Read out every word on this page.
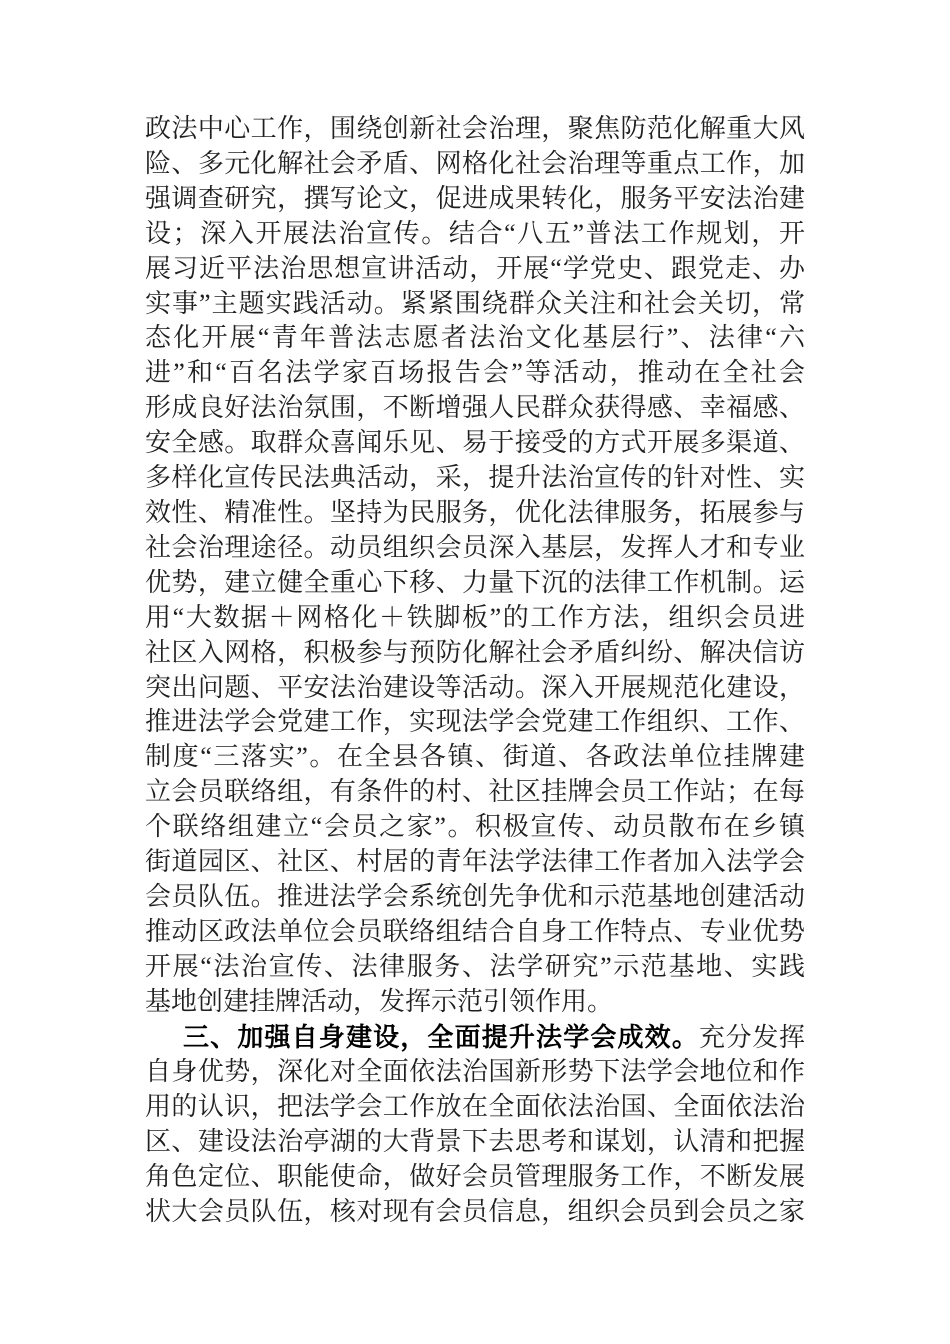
政法中心工作，围绕创新社会治理，聚焦防范化解重大风
险、多元化解社会矛盾、网格化社会治理等重点工作，加
强调查研究，撰写论文，促进成果转化，服务平安法治建
设；深入开展法治宣传。结合“八五”普法工作规划，开
展习近平法治思想宣讲活动，开展“学党史、跟党走、办
实事”主题实践活动。紧紧围绕群众关注和社会关切，常
态化开展“青年普法志愿者法治文化基层行”、法律“六
进”和“百名法学家百场报告会”等活动，推动在全社会
形成良好法治氛围，不断增强人民群众获得感、幸福感、
安全感。取群众喜闻乐见、易于接受的方式开展多渠道、
多样化宣传民法典活动，采，提升法治宣传的针对性、实
效性、精准性。坚持为民服务，优化法律服务，拓展参与
社会治理途径。动员组织会员深入基层，发挥人才和专业
优势，建立健全重心下移、力量下沉的法律工作机制。运
用“大数据＋网格化＋铁脚板”的工作方法，组织会员进
社区入网格，积极参与预防化解社会矛盾纠纷、解决信访
突出问题、平安法治建设等活动。深入开展规范化建设，
推进法学会党建工作，实现法学会党建工作组织、工作、
制度“三落实”。在全县各镇、街道、各政法单位挂牌建
立会员联络组，有条件的村、社区挂牌会员工作站；在每
个联络组建立“会员之家”。积极宣传、动员散布在乡镇
街道园区、社区、村居的青年法学法律工作者加入法学会
会员队伍。推进法学会系统创先争优和示范基地创建活动
推动区政法单位会员联络组结合自身工作特点、专业优势
开展“法治宣传、法律服务、法学研究”示范基地、实践
基地创建挂牌活动，发挥示范引领作用。
三、加强自身建设，全面提升法学会成效。充分发挥
自身优势，深化对全面依法治国新形势下法学会地位和作
用的认识，把法学会工作放在全面依法治国、全面依法治
区、建设法治亭湖的大背景下去思考和谋划，认清和把握
角色定位、职能使命，做好会员管理服务工作，不断发展
状大会员队伍，核对现有会员信息，组织会员到会员之家
